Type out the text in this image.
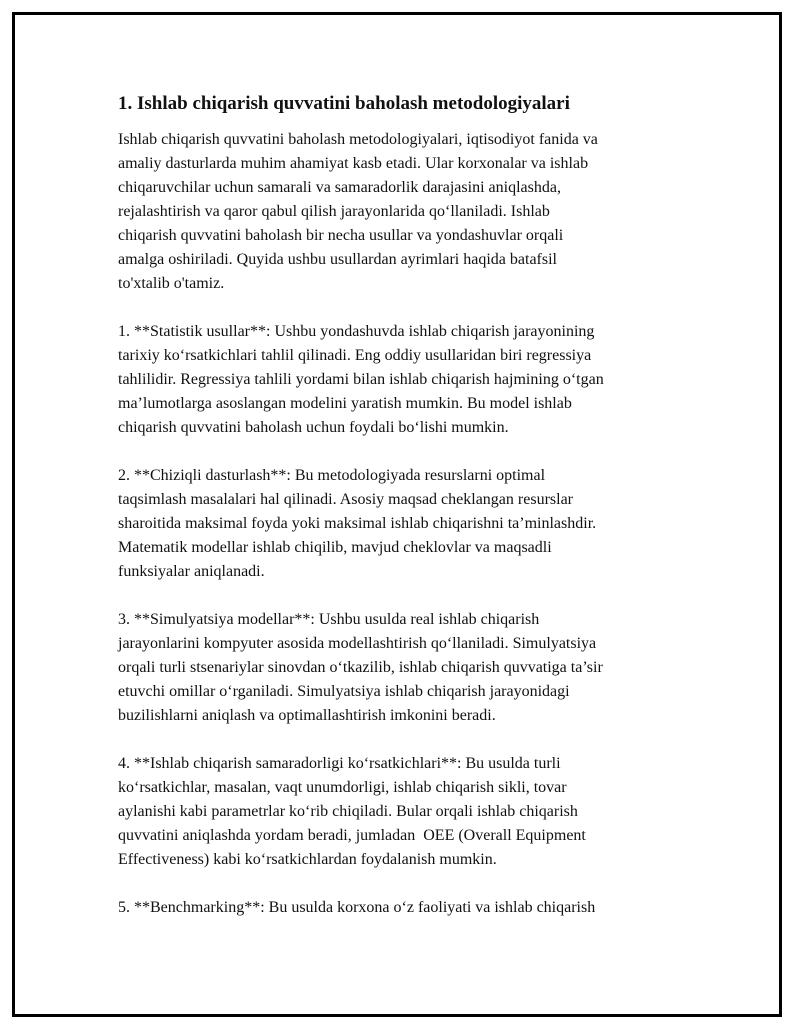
1. Ishlab chiqarish quvvatini baholash metodologiyalari

Ishlab chiqarish quvvatini baholash metodologiyalari, iqtisodiyot fanida va
amaliy dasturlarda muhim ahamiyat kasb etadi. Ular korxonalar va ishlab
chiqaruvchilar uchun samarali va samaradorlik darajasini aniqlashda,
rejalashtirish va qaror qabul qilish jarayonlarida qo‘llaniladi. Ishlab
chiqarish quvvatini baholash bir necha usullar va yondashuvlar orqali
amalga oshiriladi. Quyida ushbu usullardan ayrimlari haqida batafsil
to'xtalib o'tamiz.

1. **Statistik usullar**: Ushbu yondashuvda ishlab chiqarish jarayonining
tarixiy ko‘rsatkichlari tahlil qilinadi. Eng oddiy usullaridan biri regressiya
tahlilidir. Regressiya tahlili yordami bilan ishlab chiqarish hajmining o‘tgan
ma’lumotlarga asoslangan modelini yaratish mumkin. Bu model ishlab
chiqarish quvvatini baholash uchun foydali bo‘lishi mumkin.

2. **Chiziqli dasturlash**: Bu metodologiyada resurslarni optimal
taqsimlash masalalari hal qilinadi. Asosiy maqsad cheklangan resurslar
sharoitida maksimal foyda yoki maksimal ishlab chiqarishni ta’minlashdir.
Matematik modellar ishlab chiqilib, mavjud cheklovlar va maqsadli
funksiyalar aniqlanadi.

3. **Simulyatsiya modellar**: Ushbu usulda real ishlab chiqarish
jarayonlarini kompyuter asosida modellashtirish qo‘llaniladi. Simulyatsiya
orqali turli stsenariylar sinovdan o‘tkazilib, ishlab chiqarish quvvatiga ta’sir
etuvchi omillar o‘rganiladi. Simulyatsiya ishlab chiqarish jarayonidagi
buzilishlarni aniqlash va optimallashtirish imkonini beradi.

4. **Ishlab chiqarish samaradorligi ko‘rsatkichlari**: Bu usulda turli
ko‘rsatkichlar, masalan, vaqt unumdorligi, ishlab chiqarish sikli, tovar
aylanishi kabi parametrlar ko‘rib chiqiladi. Bular orqali ishlab chiqarish
quvvatini aniqlashda yordam beradi, jumladan  OEE (Overall Equipment
Effectiveness) kabi ko‘rsatkichlardan foydalanish mumkin.

5. **Benchmarking**: Bu usulda korxona o‘z faoliyati va ishlab chiqarish
